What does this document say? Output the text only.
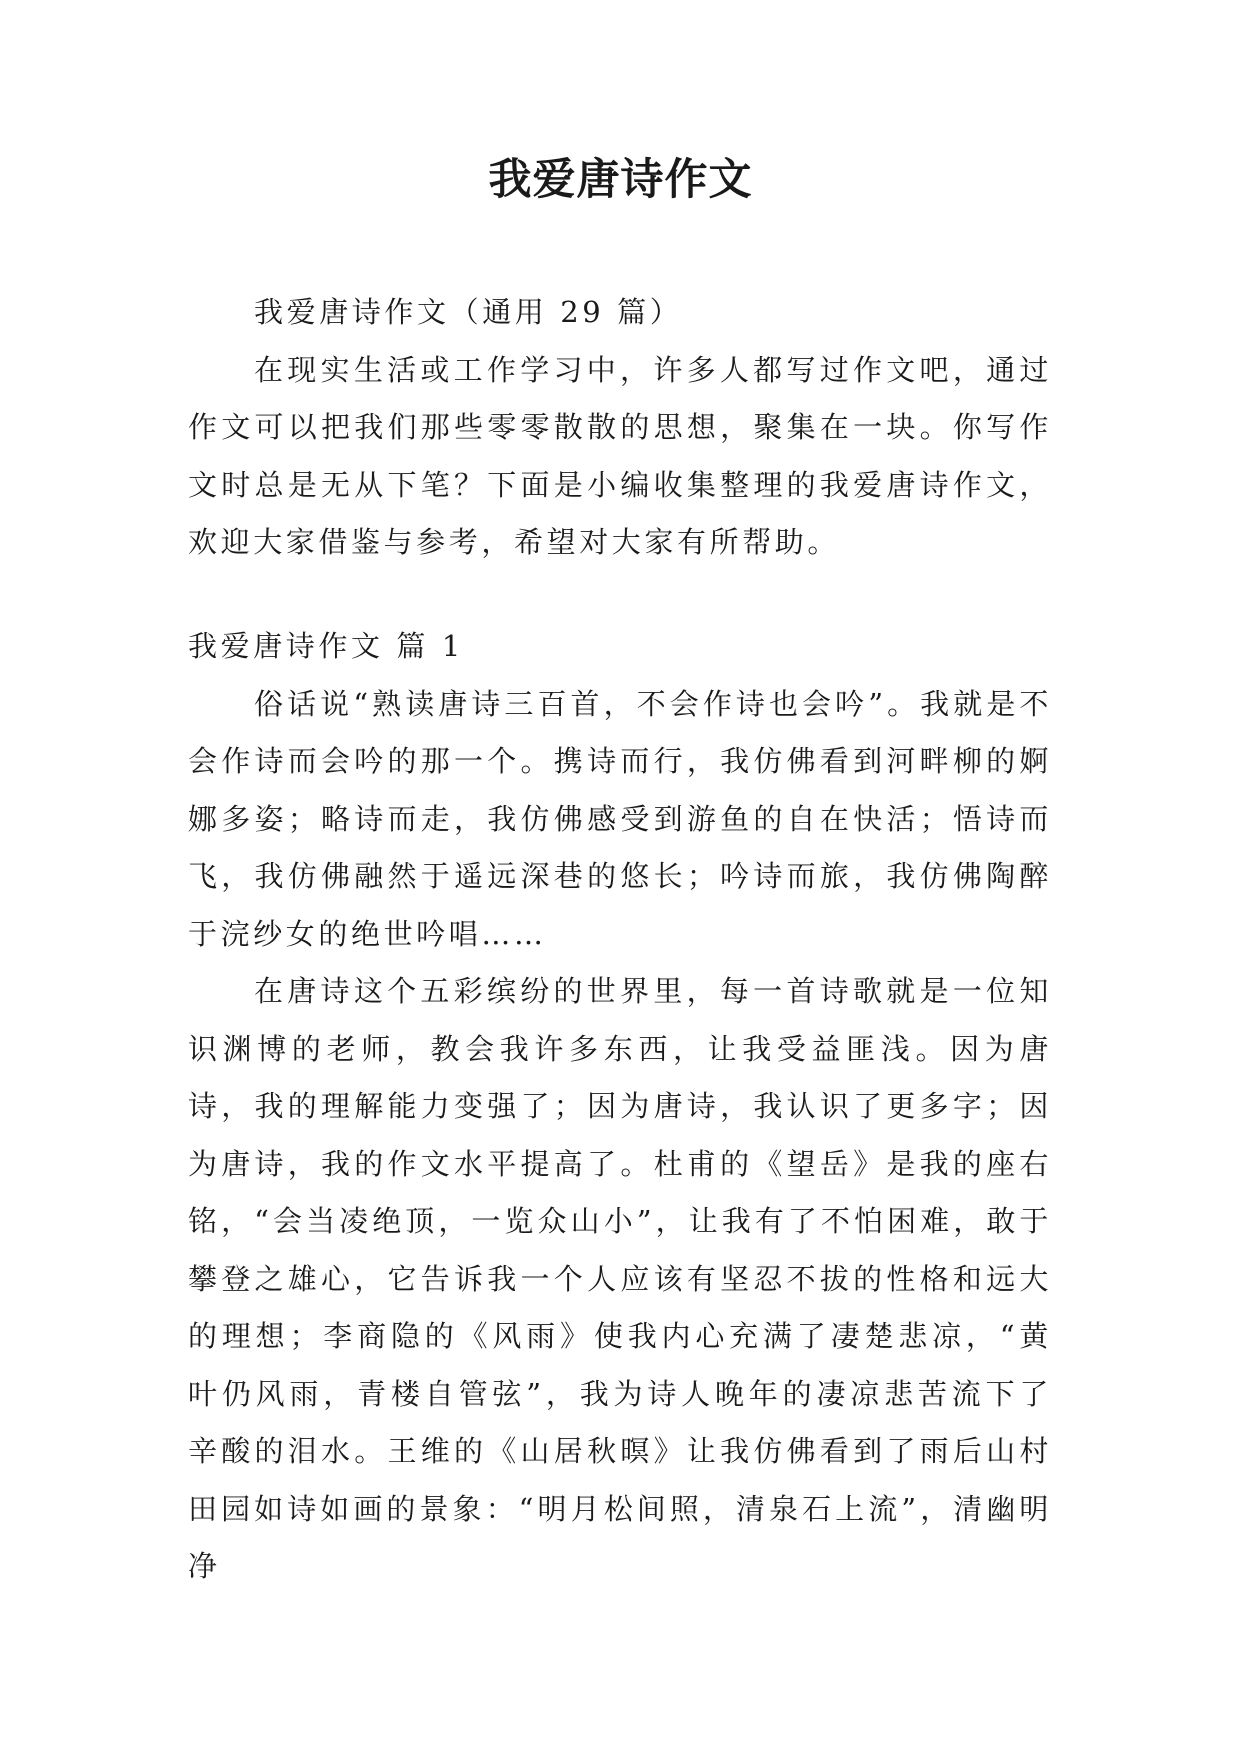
我爱唐诗作文

我爱唐诗作文（通用 29 篇）

在现实生活或工作学习中，许多人都写过作文吧，通过作文可以把我们那些零零散散的思想，聚集在一块。你写作文时总是无从下笔？下面是小编收集整理的我爱唐诗作文，欢迎大家借鉴与参考，希望对大家有所帮助。

我爱唐诗作文 篇 1

俗话说“熟读唐诗三百首，不会作诗也会吟”。我就是不会作诗而会吟的那一个。携诗而行，我仿佛看到河畔柳的婀娜多姿；略诗而走，我仿佛感受到游鱼的自在快活；悟诗而飞，我仿佛融然于遥远深巷的悠长；吟诗而旅，我仿佛陶醉于浣纱女的绝世吟唱……

在唐诗这个五彩缤纷的世界里，每一首诗歌就是一位知识渊博的老师，教会我许多东西，让我受益匪浅。因为唐诗，我的理解能力变强了；因为唐诗，我认识了更多字；因为唐诗，我的作文水平提高了。杜甫的《望岳》是我的座右铭，“会当凌绝顶，一览众山小”，让我有了不怕困难，敢于攀登之雄心，它告诉我一个人应该有坚忍不拔的性格和远大的理想；李商隐的《风雨》使我内心充满了凄楚悲凉，“黄叶仍风雨，青楼自管弦”，我为诗人晚年的凄凉悲苦流下了辛酸的泪水。王维的《山居秋暝》让我仿佛看到了雨后山村田园如诗如画的景象：“明月松间照，清泉石上流”，清幽明净
